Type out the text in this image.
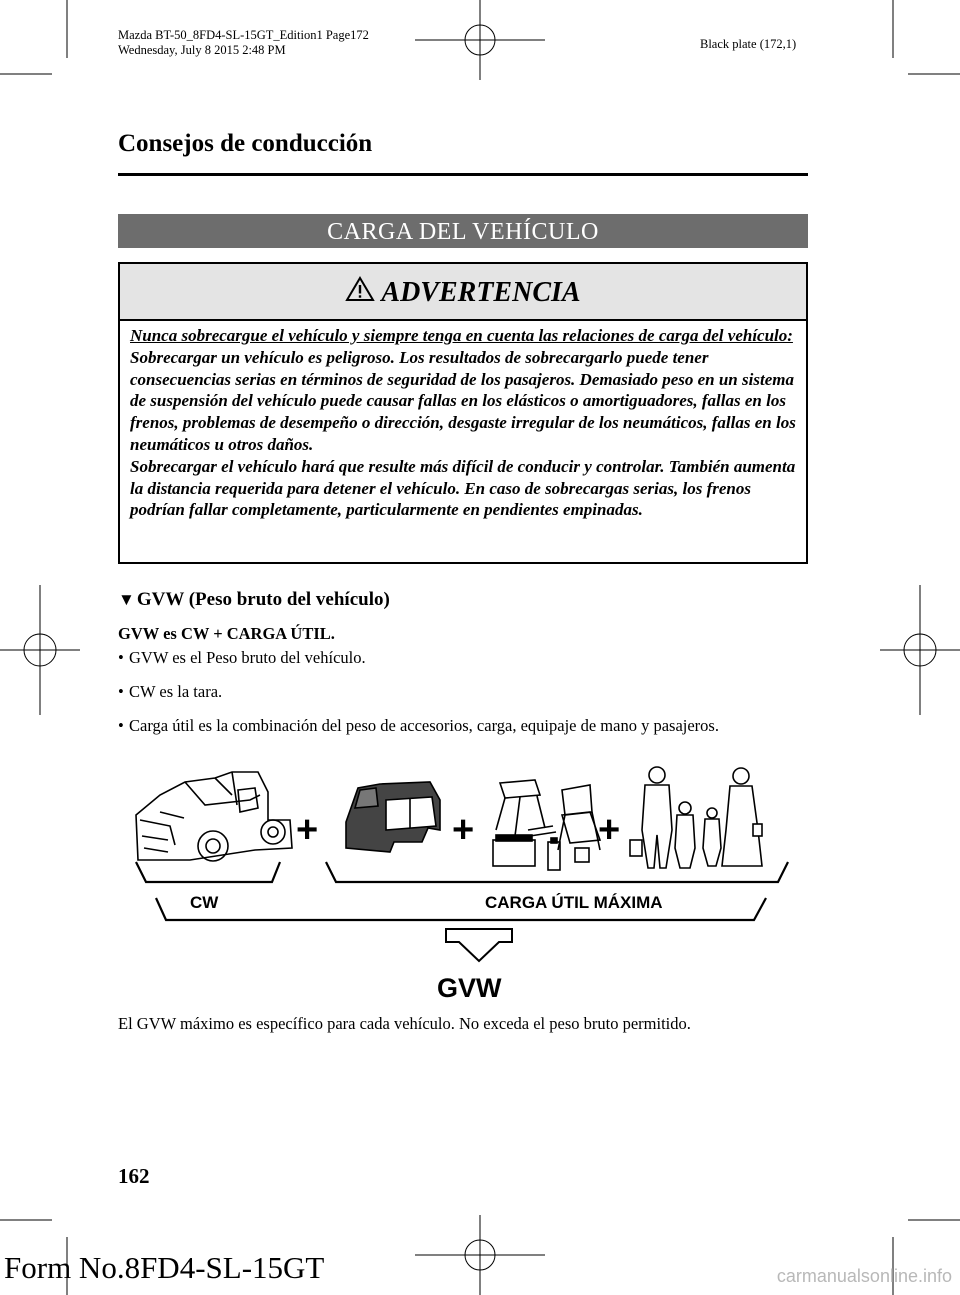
Mazda BT-50_8FD4-SL-15GT_Edition1 Page172
Wednesday, July 8 2015 2:48 PM	Black plate (172,1)
Consejos de conducción
CARGA DEL VEHÍCULO
ADVERTENCIA
Nunca sobrecargue el vehículo y siempre tenga en cuenta las relaciones de carga del vehículo:
Sobrecargar un vehículo es peligroso. Los resultados de sobrecargarlo puede tener consecuencias serias en términos de seguridad de los pasajeros. Demasiado peso en un sistema de suspensión del vehículo puede causar fallas en los elásticos o amortiguadores, fallas en los frenos, problemas de desempeño o dirección, desgaste irregular de los neumáticos, fallas en los neumáticos u otros daños.
Sobrecargar el vehículo hará que resulte más difícil de conducir y controlar. También aumenta la distancia requerida para detener el vehículo. En caso de sobrecargas serias, los frenos podrían fallar completamente, particularmente en pendientes empinadas.
▼ GVW (Peso bruto del vehículo)
GVW es CW + CARGA ÚTIL.
• GVW es el Peso bruto del vehículo.
• CW es la tara.
• Carga útil es la combinación del peso de accesorios, carga, equipaje de mano y pasajeros.
+	+	+
CW	CARGA ÚTIL MÁXIMA
GVW
El GVW máximo es específico para cada vehículo. No exceda el peso bruto permitido.
162
Form No.8FD4-SL-15GT	carmanualsonline.info
